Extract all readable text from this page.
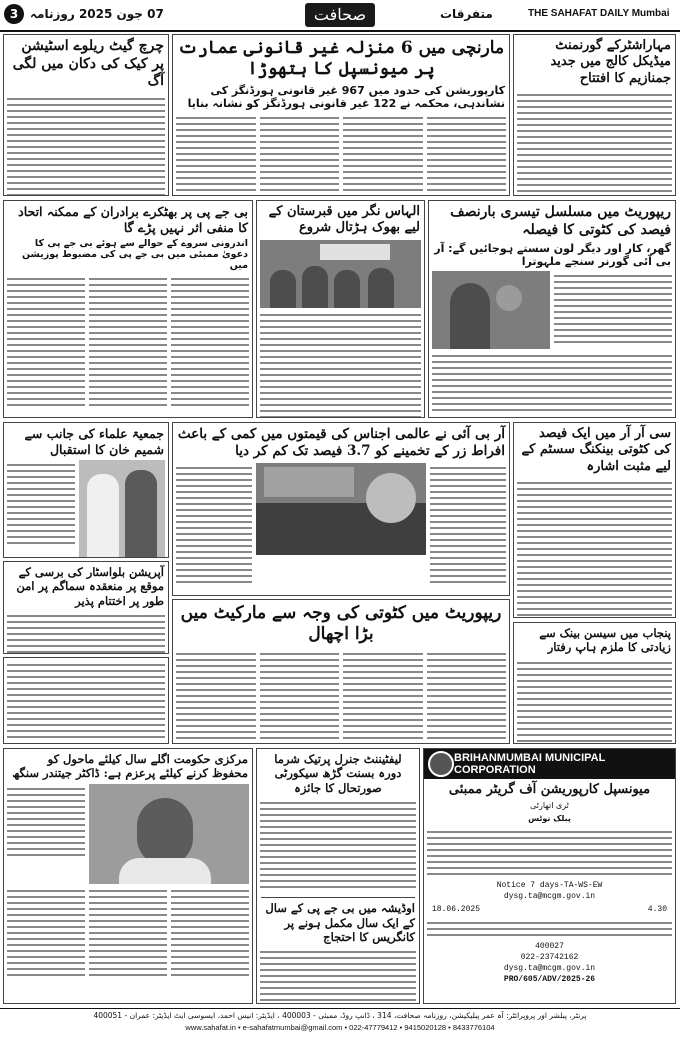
3 07 جون 2025 روزنامہ	صحافت	متفرقات	THE SAHAFAT DAILY Mumbai
مہاراشٹرکے گورنمنٹ میڈیکل کالج میں جدید جمنازیم کا افتتاح
مارنچی میں 6 منزلہ غیر قانونی عمارت پر میونسپل کا ہتھوڑا
کارپوریشن کی حدود میں 967 غیر قانونی ہورڈنگز کی نشاندہی، محکمہ نے 122 غیر قانونی ہورڈنگز کو نشانہ بنایا
چرچ گیٹ ریلوے اسٹیشن پر کیک کی دکان میں لگی آگ
ریپوریٹ میں مسلسل تیسری بارنصف فیصد کی کٹوتی کا فیصلہ
گھر، کار اور دیگر لون سستے ہوجائیں گے: آر بی آئی گورنر سنجے ملہوترا
الہاس نگر میں قبرستان کے لیے بھوک ہڑتال شروع
بی جے پی پر بھٹکرے برادران کے ممکنہ اتحاد کا منفی اثر نہیں پڑے گا
اندرونی سروے کے حوالے سے ہوئے بی جے پی کا دعویٰ ممبئی میں بی جے پی کی مضبوط پوزیشن میں
سی آر آر میں ایک فیصد کی کٹوتی بینکنگ سسٹم کے لیے مثبت اشارہ
آر بی آئی نے عالمی اجناس کی قیمتوں میں کمی کے باعث افراط زر کے تخمینے کو 3.7 فیصد تک کم کر دیا
جمعیۃ علماء کی جانب سے شمیم خان کا استقبال
آپریشن بلواسٹار کی برسی کے موقع پر منعقدہ سماگم پر امن طور پر اختتام پذیر
ریپوریٹ میں کٹوتی کی وجہ سے مارکیٹ میں بڑا اچھال	پنجاب میں سیسن بینک سے زیادتی کا ملزم ہاپ رفتار
BRIHANMUMBAI MUNICIPAL CORPORATION
میونسپل کارپوریشن آف گریٹر ممبئی
ٹری اتھارٹی
پبلک نوٹس
Notice 7 days-TA-WS-EW
dysg.ta@mcgm.gov.in
18.06.2025	4.30
400027
022-23742162
dysg.ta@mcgm.gov.in
PRO/605/ADV/2025-26
لیفٹیننٹ جنرل پرتیک شرما دورہ بسنت گڑھ سیکورٹی صورتحال کا جائزہ
اوڈیشہ میں بی جے پی کے سال کے ایک سال مکمل ہونے پر کانگریس کا احتجاج
مرکزی حکومت اگلے سال کیلئے ماحول کو محفوظ کرنے کیلئے پرعزم ہے: ڈاکٹر جیتندر سنگھ
پرنٹر، پبلشر اور پروپرائٹر: آہ عمر پبلیکیشن، روزنامہ صحافت، 314 ، ڈانپ روڈ، ممبئی - 400003 ، ایڈیٹر: انیس احمد، ایسوسی ایٹ ایڈیٹر: عمران - 400051
www.sahafat.in • e-sahafatmumbai@gmail.com • 022-47779412 • 9415020128 • 8433776104
